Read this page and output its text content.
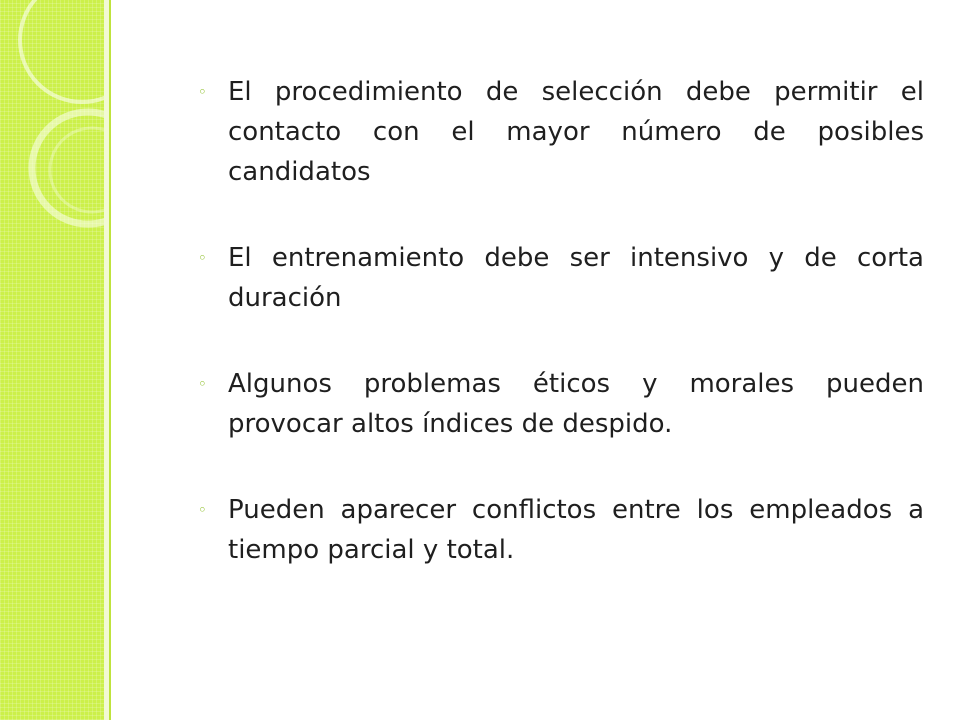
◦ El procedimiento de selección debe permitir el contacto con el mayor número de posibles candidatos
◦ El entrenamiento debe ser intensivo y de corta duración
◦ Algunos problemas éticos y morales pueden provocar altos índices de despido.
◦ Pueden aparecer conflictos entre los empleados a tiempo parcial y total.
